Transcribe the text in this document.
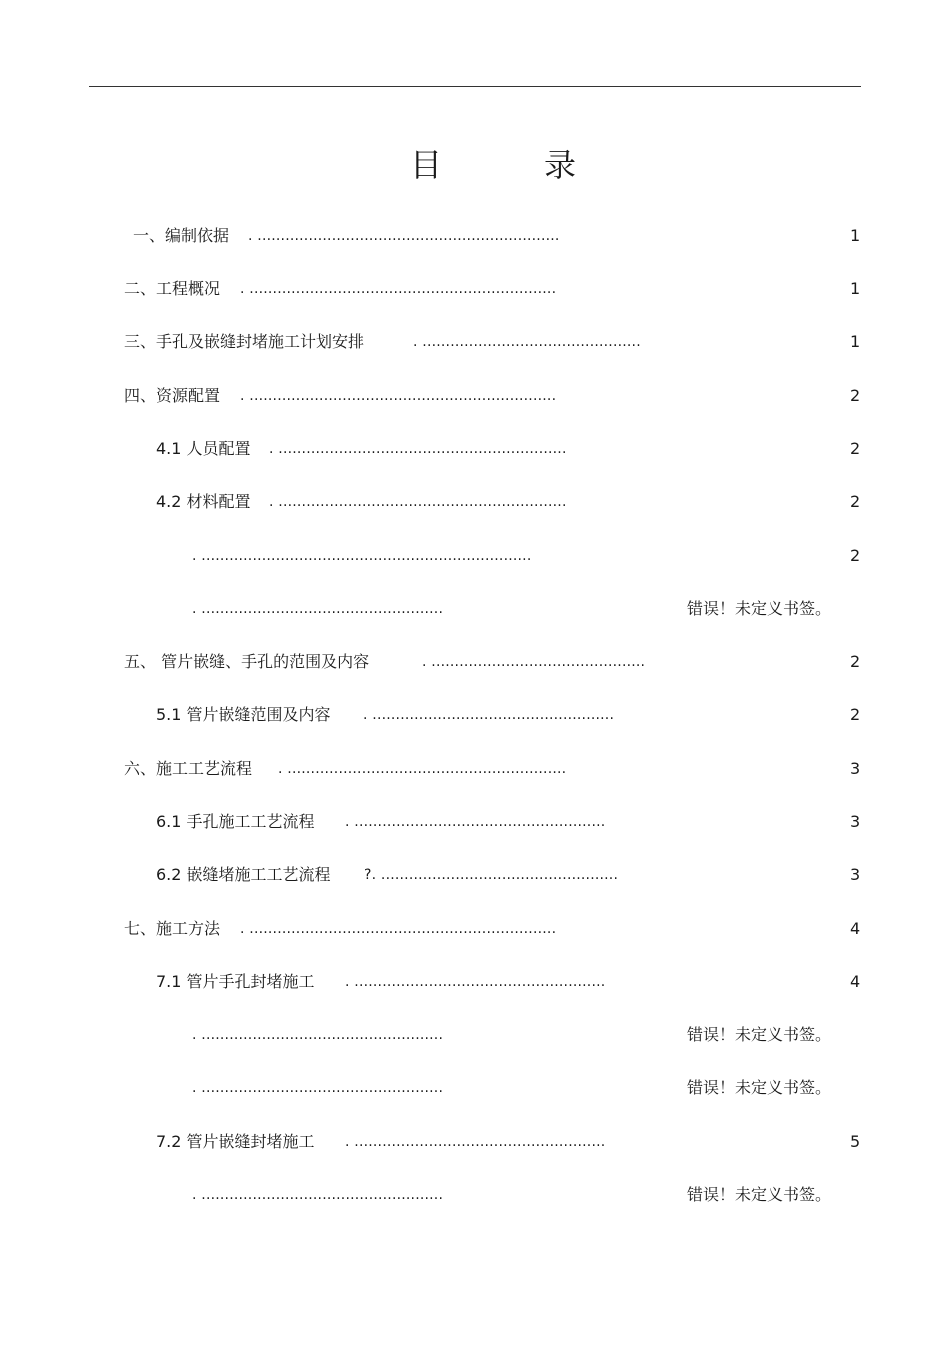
目	录
一、编制依据 . .................................................................	1
二、工程概况 . ..................................................................	1
三、手孔及嵌缝封堵施工计划安排	. ...............................................	1
四、资源配置 . ..................................................................	2
4.1 人员配置 . ..............................................................	2
4.2 材料配置 . ..............................................................	2
. .......................................................................	2
. ....................................................	错误！未定义书签。
五、 管片嵌缝、手孔的范围及内容	. ..............................................	2
5.1 管片嵌缝范围及内容 . ....................................................	2
六、施工工艺流程 . ............................................................	3
6.1 手孔施工工艺流程 . ......................................................	3
6.2 嵌缝堵施工工艺流程 ?. ...................................................	3
七、施工方法 . ..................................................................	4
7.1 管片手孔封堵施工 . ......................................................	4
. ....................................................	错误！未定义书签。
. ....................................................	错误！未定义书签。
7.2 管片嵌缝封堵施工 . ......................................................	5
. ....................................................	错误！未定义书签。
